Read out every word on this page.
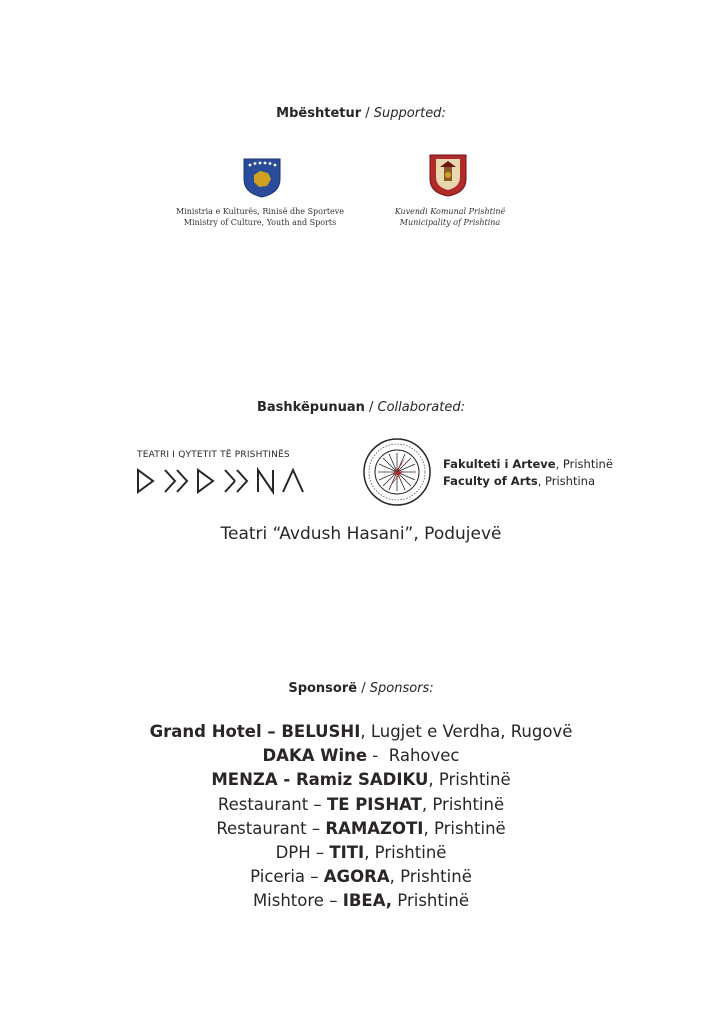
Mbështetur / Supported:
Ministria e Kulturës, Rinisë dhe Sporteve
Ministry of Culture, Youth and Sports
Kuvendi Komunal Prishtinë
Municipality of Prishtina
Bashkëpunuan / Collaborated:
TEATRI I QYTETIT TË PRISHTINËS
Fakulteti i Arteve, Prishtinë
Faculty of Arts, Prishtina
Teatri “Avdush Hasani”, Podujevë
Sponsorë / Sponsors:
Grand Hotel – BELUSHI, Lugjet e Verdha, Rugovë
DAKA Wine -  Rahovec
MENZA - Ramiz SADIKU, Prishtinë
Restaurant – TE PISHAT, Prishtinë
Restaurant – RAMAZOTI, Prishtinë
DPH – TITI, Prishtinë
Piceria – AGORA, Prishtinë
Mishtore – IBEA, Prishtinë
